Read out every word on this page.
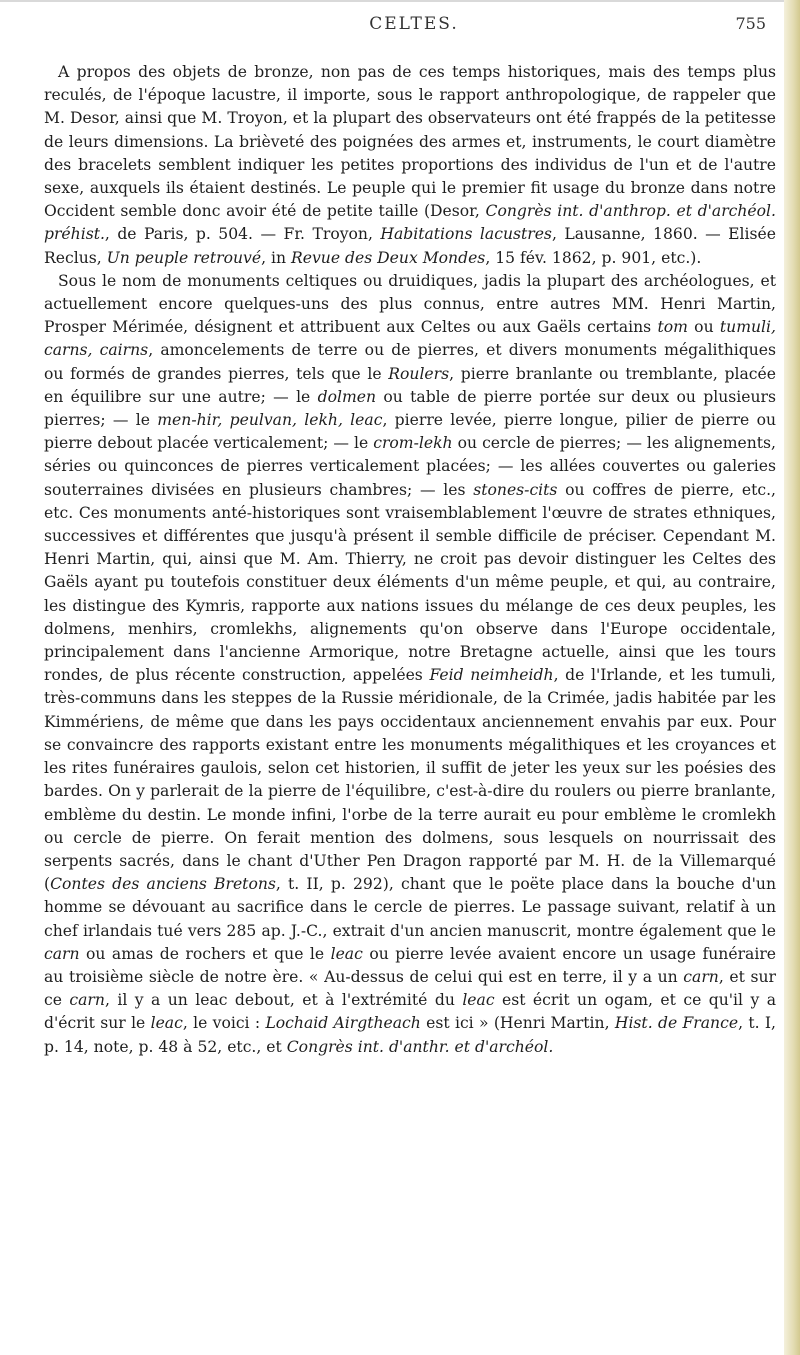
CELTES.	755

A propos des objets de bronze, non pas de ces temps historiques, mais des temps plus reculés, de l'époque lacustre, il importe, sous le rapport anthropologique, de rappeler que M. Desor, ainsi que M. Troyon, et la plupart des observateurs ont été frappés de la petitesse de leurs dimensions. La brièveté des poignées des armes et, instruments, le court diamètre des bracelets semblent indiquer les petites proportions des individus de l'un et de l'autre sexe, auxquels ils étaient destinés. Le peuple qui le premier fit usage du bronze dans notre Occident semble donc avoir été de petite taille (Desor, Congrès int. d'anthrop. et d'archéol. préhist., de Paris, p. 504. — Fr. Troyon, Habitations lacustres, Lausanne, 1860. — Elisée Reclus, Un peuple retrouvé, in Revue des Deux Mondes, 15 fév. 1862, p. 901, etc.).

Sous le nom de monuments celtiques ou druidiques, jadis la plupart des archéologues, et actuellement encore quelques-uns des plus connus, entre autres MM. Henri Martin, Prosper Mérimée, désignent et attribuent aux Celtes ou aux Gaëls certains tom ou tumuli, carns, cairns, amoncelements de terre ou de pierres, et divers monuments mégalithiques ou formés de grandes pierres, tels que le Roulers, pierre branlante ou tremblante, placée en équilibre sur une autre; — le dolmen ou table de pierre portée sur deux ou plusieurs pierres; — le men-hir, peulvan, lekh, leac, pierre levée, pierre longue, pilier de pierre ou pierre debout placée verticalement; — le crom-lekh ou cercle de pierres; — les alignements, séries ou quinconces de pierres verticalement placées; — les allées couvertes ou galeries souterraines divisées en plusieurs chambres; — les stones-cits ou coffres de pierre, etc., etc. Ces monuments anté-historiques sont vraisemblablement l'œuvre de strates ethniques, successives et différentes que jusqu'à présent il semble difficile de préciser. Cependant M. Henri Martin, qui, ainsi que M. Am. Thierry, ne croit pas devoir distinguer les Celtes des Gaëls ayant pu toutefois constituer deux éléments d'un même peuple, et qui, au contraire, les distingue des Kymris, rapporte aux nations issues du mélange de ces deux peuples, les dolmens, menhirs, cromlekhs, alignements qu'on observe dans l'Europe occidentale, principalement dans l'ancienne Armorique, notre Bretagne actuelle, ainsi que les tours rondes, de plus récente construction, appelées Feid neimheidh, de l'Irlande, et les tumuli, très-communs dans les steppes de la Russie méridionale, de la Crimée, jadis habitée par les Kimmériens, de même que dans les pays occidentaux anciennement envahis par eux. Pour se convaincre des rapports existant entre les monuments mégalithiques et les croyances et les rites funéraires gaulois, selon cet historien, il suffit de jeter les yeux sur les poésies des bardes. On y parlerait de la pierre de l'équilibre, c'est-à-dire du roulers ou pierre branlante, emblème du destin. Le monde infini, l'orbe de la terre aurait eu pour emblème le cromlekh ou cercle de pierre. On ferait mention des dolmens, sous lesquels on nourrissait des serpents sacrés, dans le chant d'Uther Pen Dragon rapporté par M. H. de la Villemarqué (Contes des anciens Bretons, t. II, p. 292), chant que le poëte place dans la bouche d'un homme se dévouant au sacrifice dans le cercle de pierres. Le passage suivant, relatif à un chef irlandais tué vers 285 ap. J.-C., extrait d'un ancien manuscrit, montre également que le carn ou amas de rochers et que le leac ou pierre levée avaient encore un usage funéraire au troisième siècle de notre ère. « Au-dessus de celui qui est en terre, il y a un carn, et sur ce carn, il y a un leac debout, et à l'extrémité du leac est écrit un ogam, et ce qu'il y a d'écrit sur le leac, le voici : Lochaid Airgtheach est ici » (Henri Martin, Hist. de France, t. I, p. 14, note, p. 48 à 52, etc., et Congrès int. d'anthr. et d'archéol.
